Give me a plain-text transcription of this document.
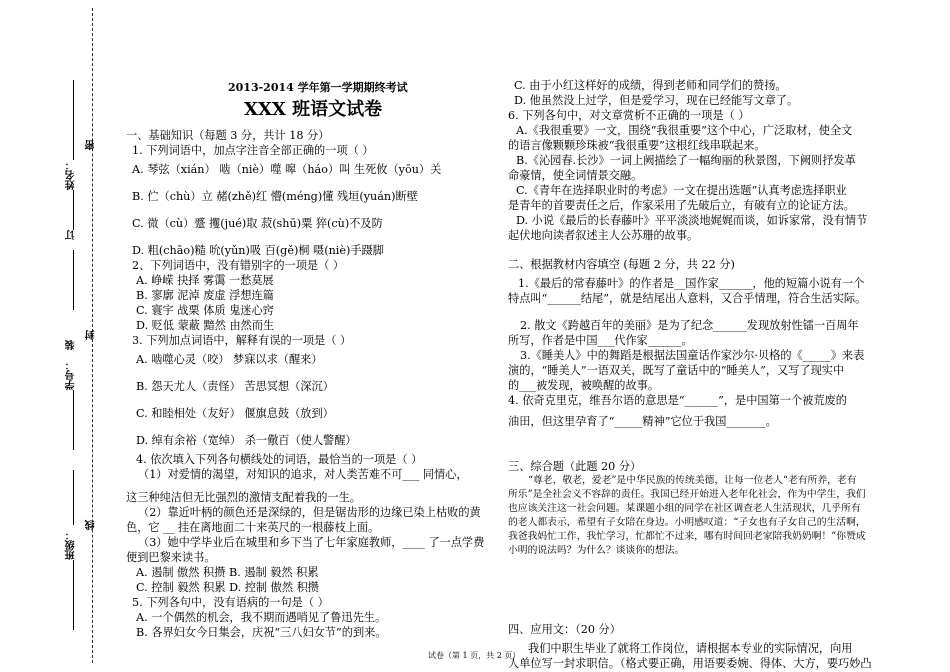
密
封
线
姓名：
订
学号：
装
班级：
2013-2014 学年第一学期期终考试
XXX 班语文试卷
一、基础知识（每题 3 分，共计 18 分）
1. 下列词语中，加点字注音全部正确的一项（ ）
A. 琴弦（xián） 啮（niè）噬 嗥（háo）叫 生死攸（yōu）关
B. 伫（chù）立 赭(zhě)红 懵(méng)懂 残垣(yuán)断壁
C. 微（cù）蹙 攫(jué)取 菽(shū)粟 猝(cù)不及防
D. 粗(chāo)糙 吮(yǔn)吸 百(gě)桐 嗫(niè)手蹑脚
2、下列词语中，没有错别字的一项是（ ）
A. 峥嵘 抉择 雾霭 一愁莫展
B. 寥廓 泥淖 废虚 浮想连篇
C. 寰宇 战栗 体质 鬼迷心窍
D. 贬低 蒙蔽 黯然 由然而生
3. 下列加点词语中，解释有误的一项是（ ）
A. 啮噬心灵（咬） 梦寐以求（醒来）
B. 怨天尤人（责怪） 苦思冥想（深沉）
C. 和睦相处（友好） 偃旗息鼓（放到）
D. 绰有余裕（宽绰） 杀一儆百（使人警醒）
4. 依次填入下列各句横线处的词语，最恰当的一项是（ ）
（1）对爱情的渴望，对知识的追求，对人类苦难不可___ 同情心，
这三种纯洁但无比强烈的激情支配着我的一生。
（2）靠近叶柄的颜色还是深绿的，但是锯齿形的边缘已染上枯败的黄
色，它 __ 挂在离地面二十来英尺的一根藤枝上面。
（3）她中学毕业后在城里和乡下当了七年家庭教师，____ 了一点学费
便到巴黎来读书。
A. 遏制 傲然 积攒 B. 遏制 毅然 积累
C. 控制 毅然 积累 D. 控制 傲然 积攒
5. 下列各句中，没有语病的一句是（ ）
A. 一个偶然的机会，我不期而遇哨见了鲁迅先生。
B. 各界妇女今日集会，庆祝“三八妇女节”的到来。
C. 由于小红这样好的成绩，得到老师和同学们的赞扬。
D. 他虽然没上过学，但是爱学习，现在已经能写文章了。
6. 下列各句中，对文章赏析不正确的一项是（ ）
A.《我很重要》一文，围绕“我很重要”这个中心，广泛取材，使全文
的语言像颗颗珍珠被“我很重要”这根红线串联起来。
B.《沁园春.长沙》一词上阙描绘了一幅绚丽的秋景图，下阙则抒发革
命豪情，使全词情景交融。
C.《青年在选择职业时的考虑》一文在提出选题“认真考虑选择职业
是青年的首要责任之后，作家采用了先破后立，有破有立的论证方法。
D. 小说《最后的长春藤叶》平平淡淡地娓娓而谈，如诉家常，没有情节
起伏地向读者叙述主人公苏珊的故事。
二、根据教材内容填空 (每题 2 分，共 22 分)
1.《最后的常春藤叶》的作者是__国作家______，他的短篇小说有一个
特点叫“______结尾”，就是结尾出人意料，又合乎情理，符合生活实际。
2. 散文《跨越百年的美丽》是为了纪念______发现放射性镭一百周年
所写，作者是中国___代作家______。
3.《睡美人》中的舞蹈是根据法国童话作家沙尔·贝格的《_____》来表
演的，“睡美人”一语双关，既写了童话中的“睡美人”，又写了现实中
的___被发现，被唤醒的故事。
4. 依奇克里克，维吾尔语的意思是“______”，是中国第一个被荒废的
油田，但这里孕育了“_____精神”它位于我国_______。
三、综合题（此题 20 分）
“尊老，敬老，爱老”是中华民族的传统美德，让每一位老人“老有所养，老有
所乐”是全社会义不容辞的责任。我国已经开始进入老年化社会，作为中学生，我们
也应该关注这一社会问题。某课题小组的同学在社区调查老人生活现状，几乎所有
的老人都表示，希望有子女陪在身边。小明感叹道：“子女也有子女自己的生活啊，
我爸我妈忙工作，我忙学习，忙都忙不过来，哪有时间回老家陪我奶奶啊！”你赞成
小明的说法吗？为什么？谈谈你的想法。
四、应用文：（20 分）
我们中职生毕业了就将工作岗位，请根据本专业的实际情况，向用
人单位写一封求职信。（格式要正确，用语要委婉、得体、大方，要巧妙凸
试卷（第 1 页，共 2 页）
